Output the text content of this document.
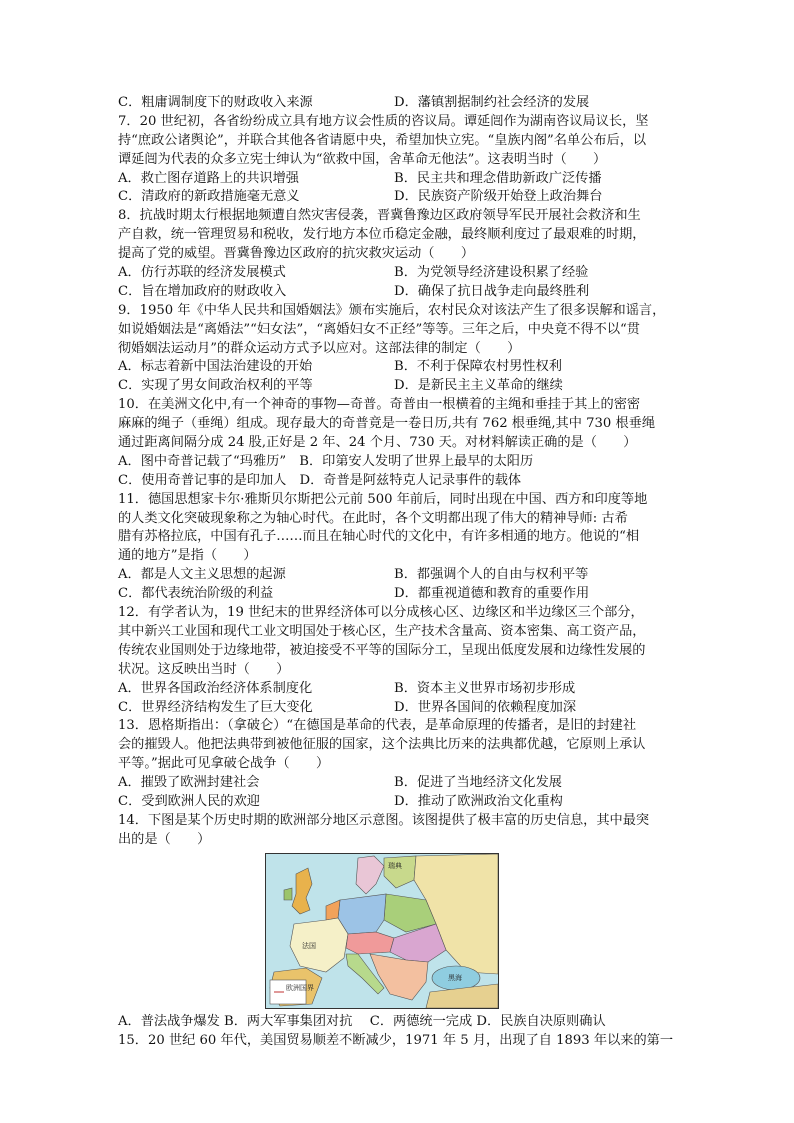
C．粗庸调制度下的财政收入来源	D．藩镇割据制约社会经济的发展
7．20 世纪初，各省纷纷成立具有地方议会性质的咨议局。谭延闿作为湖南咨议局议长，坚
持“庶政公诸舆论”，并联合其他各省请愿中央，希望加快立宪。“皇族内阁”名单公布后，以
谭延闿为代表的众多立宪士绅认为“欲救中国，舍革命无他法”。这表明当时（　　）
A．救亡图存道路上的共识增强	B．民主共和理念借助新政广泛传播
C．清政府的新政措施毫无意义	D．民族资产阶级开始登上政治舞台
8．抗战时期太行根据地频遭自然灾害侵袭，晋冀鲁豫边区政府领导军民开展社会救济和生
产自救，统一管理贸易和税收，发行地方本位币稳定金融，最终顺利度过了最艰难的时期，
提高了党的威望。晋冀鲁豫边区政府的抗灾救灾运动（　　）
A．仿行苏联的经济发展模式	B．为党领导经济建设积累了经验
C．旨在增加政府的财政收入	D．确保了抗日战争走向最终胜利
9．1950 年《中华人民共和国婚姻法》颁布实施后，农村民众对该法产生了很多误解和谣言，
如说婚姻法是“离婚法”“妇女法”，“离婚妇女不正经”等等。三年之后，中央竟不得不以“贯
彻婚姻法运动月”的群众运动方式予以应对。这部法律的制定（　　）
A．标志着新中国法治建设的开始	B．不利于保障农村男性权利
C．实现了男女间政治权利的平等	D．是新民主主义革命的继续
10．在美洲文化中,有一个神奇的事物—奇普。奇普由一根横着的主绳和垂挂于其上的密密
麻麻的绳子（垂绳）组成。现存最大的奇普竟是一卷日历,共有 762 根垂绳,其中 730 根垂绳
通过距离间隔分成 24 股,正好是 2 年、24 个月、730 天。对材料解读正确的是（　　）
A．图中奇普记载了“玛雅历”　B．印第安人发明了世界上最早的太阳历
C．使用奇普记事的是印加人　D．奇普是阿兹特克人记录事件的载体
11．德国思想家卡尔·雅斯贝尔斯把公元前 500 年前后，同时出现在中国、西方和印度等地
的人类文化突破现象称之为轴心时代。在此时，各个文明都出现了伟大的精神导师: 古希
腊有苏格拉底，中国有孔子……而且在轴心时代的文化中，有许多相通的地方。他说的“相
通的地方”是指（　　）
A．都是人文主义思想的起源	B．都强调个人的自由与权利平等
C．都代表统治阶级的利益	D．都重视道德和教育的重要作用
12．有学者认为，19 世纪末的世界经济体可以分成核心区、边缘区和半边缘区三个部分，
其中新兴工业国和现代工业文明国处于核心区，生产技术含量高、资本密集、高工资产品，
传统农业国则处于边缘地带，被迫接受不平等的国际分工，呈现出低度发展和边缘性发展的
状况。这反映出当时（　　）
A．世界各国政治经济体系制度化	B．资本主义世界市场初步形成
C．世界经济结构发生了巨大变化	D．世界各国间的依赖程度加深
13．恩格斯指出：（拿破仑）“在德国是革命的代表，是革命原理的传播者，是旧的封建社
会的摧毁人。他把法典带到被他征服的国家，这个法典比历来的法典都优越，它原则上承认
平等。”据此可见拿破仑战争（　　）
A．摧毁了欧洲封建社会	B．促进了当地经济文化发展
C．受到欧洲人民的欢迎	D．推动了欧洲政治文化重构
14．下图是某个历史时期的欧洲部分地区示意图。该图提供了极丰富的历史信息，其中最突
出的是（　　）
欧洲国界
法国
黑海
瑞典
A．普法战争爆发 B．两大军事集团对抗　 C．两德统一完成 D．民族自决原则确认
15．20 世纪 60 年代，美国贸易顺差不断减少，1971 年 5 月，出现了自 1893 年以来的第一
